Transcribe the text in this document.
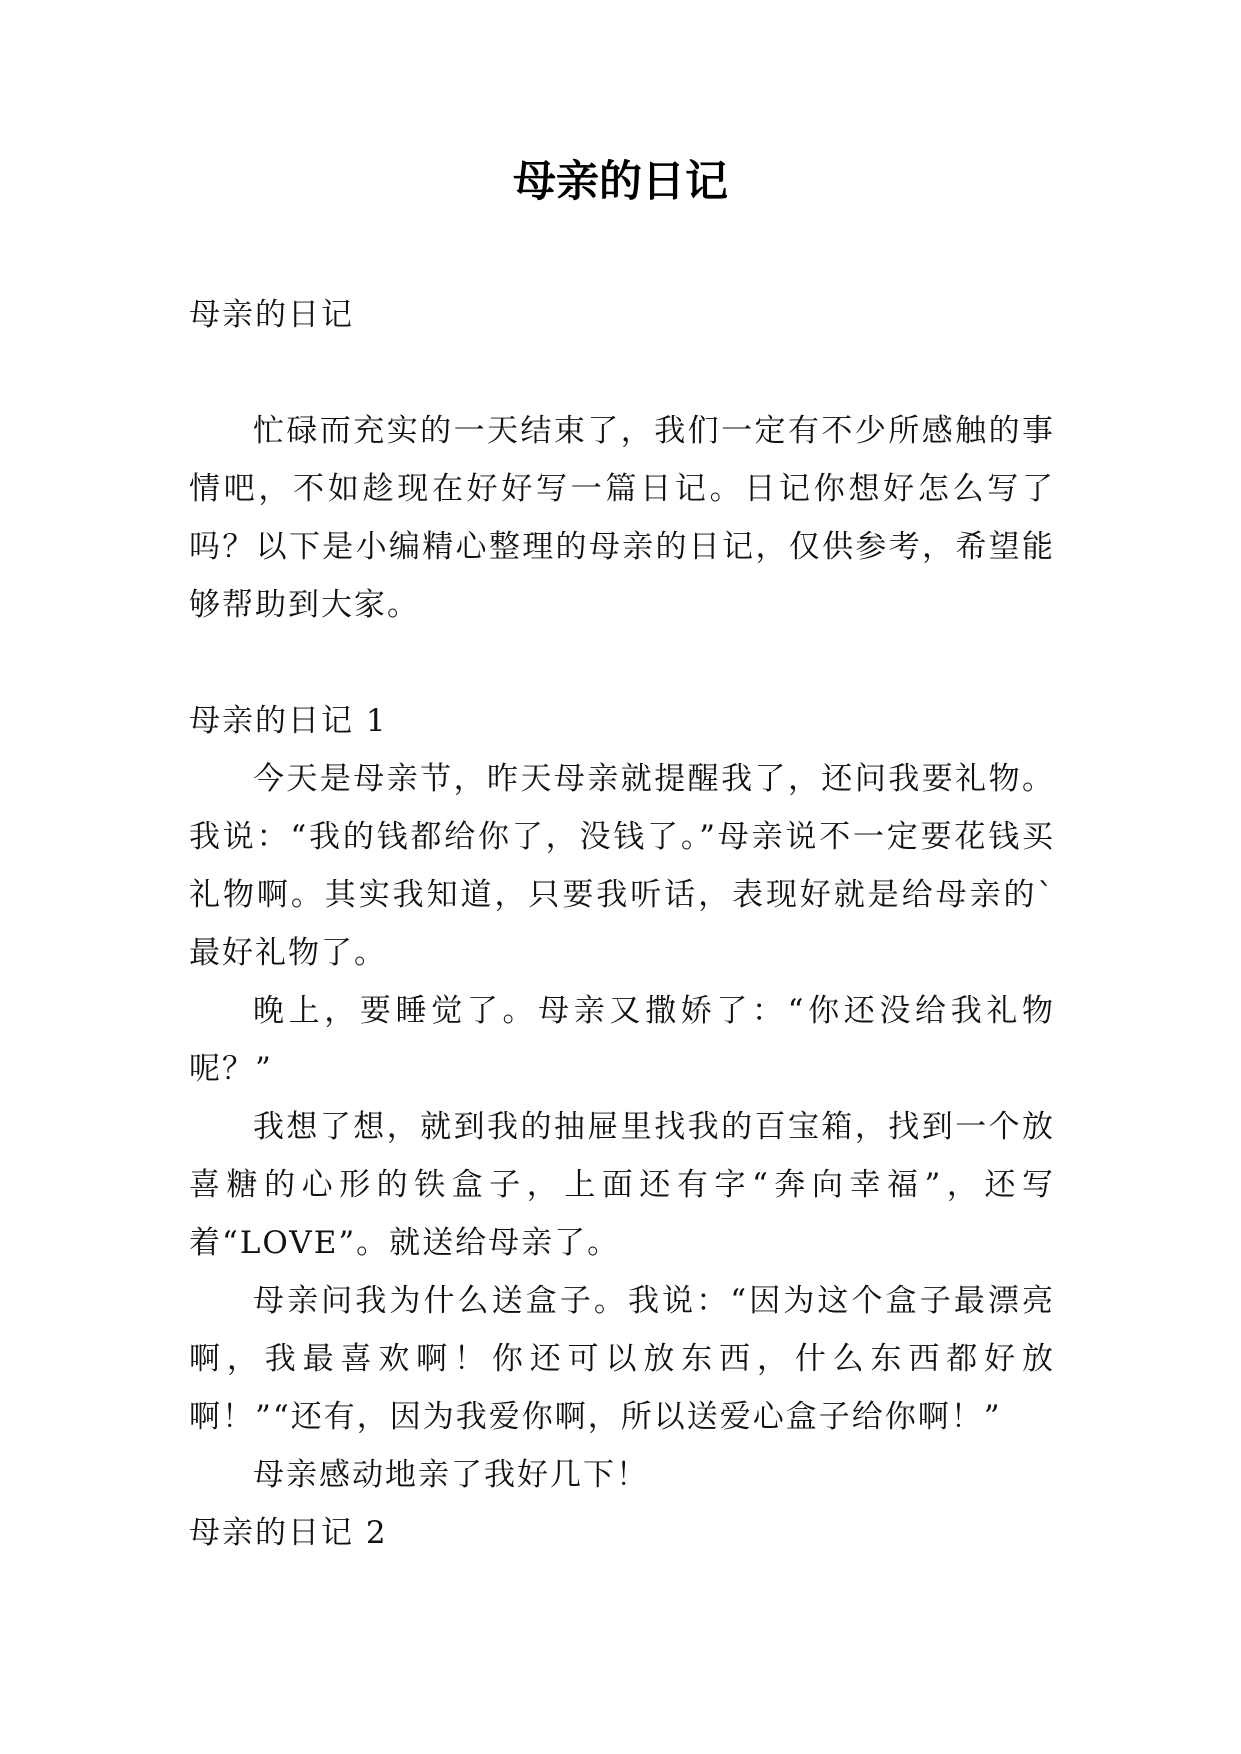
母亲的日记

母亲的日记

忙碌而充实的一天结束了，我们一定有不少所感触的事情吧，不如趁现在好好写一篇日记。日记你想好怎么写了吗？以下是小编精心整理的母亲的日记，仅供参考，希望能够帮助到大家。

母亲的日记 1

今天是母亲节，昨天母亲就提醒我了，还问我要礼物。我说：“我的钱都给你了，没钱了。”母亲说不一定要花钱买礼物啊。其实我知道，只要我听话，表现好就是给母亲的`最好礼物了。

晚上，要睡觉了。母亲又撒娇了：“你还没给我礼物呢？”

我想了想，就到我的抽屉里找我的百宝箱，找到一个放喜糖的心形的铁盒子，上面还有字“奔向幸福”，还写着“LOVE”。就送给母亲了。

母亲问我为什么送盒子。我说：“因为这个盒子最漂亮啊，我最喜欢啊！你还可以放东西，什么东西都好放啊！”“还有，因为我爱你啊，所以送爱心盒子给你啊！”

母亲感动地亲了我好几下！

母亲的日记 2
